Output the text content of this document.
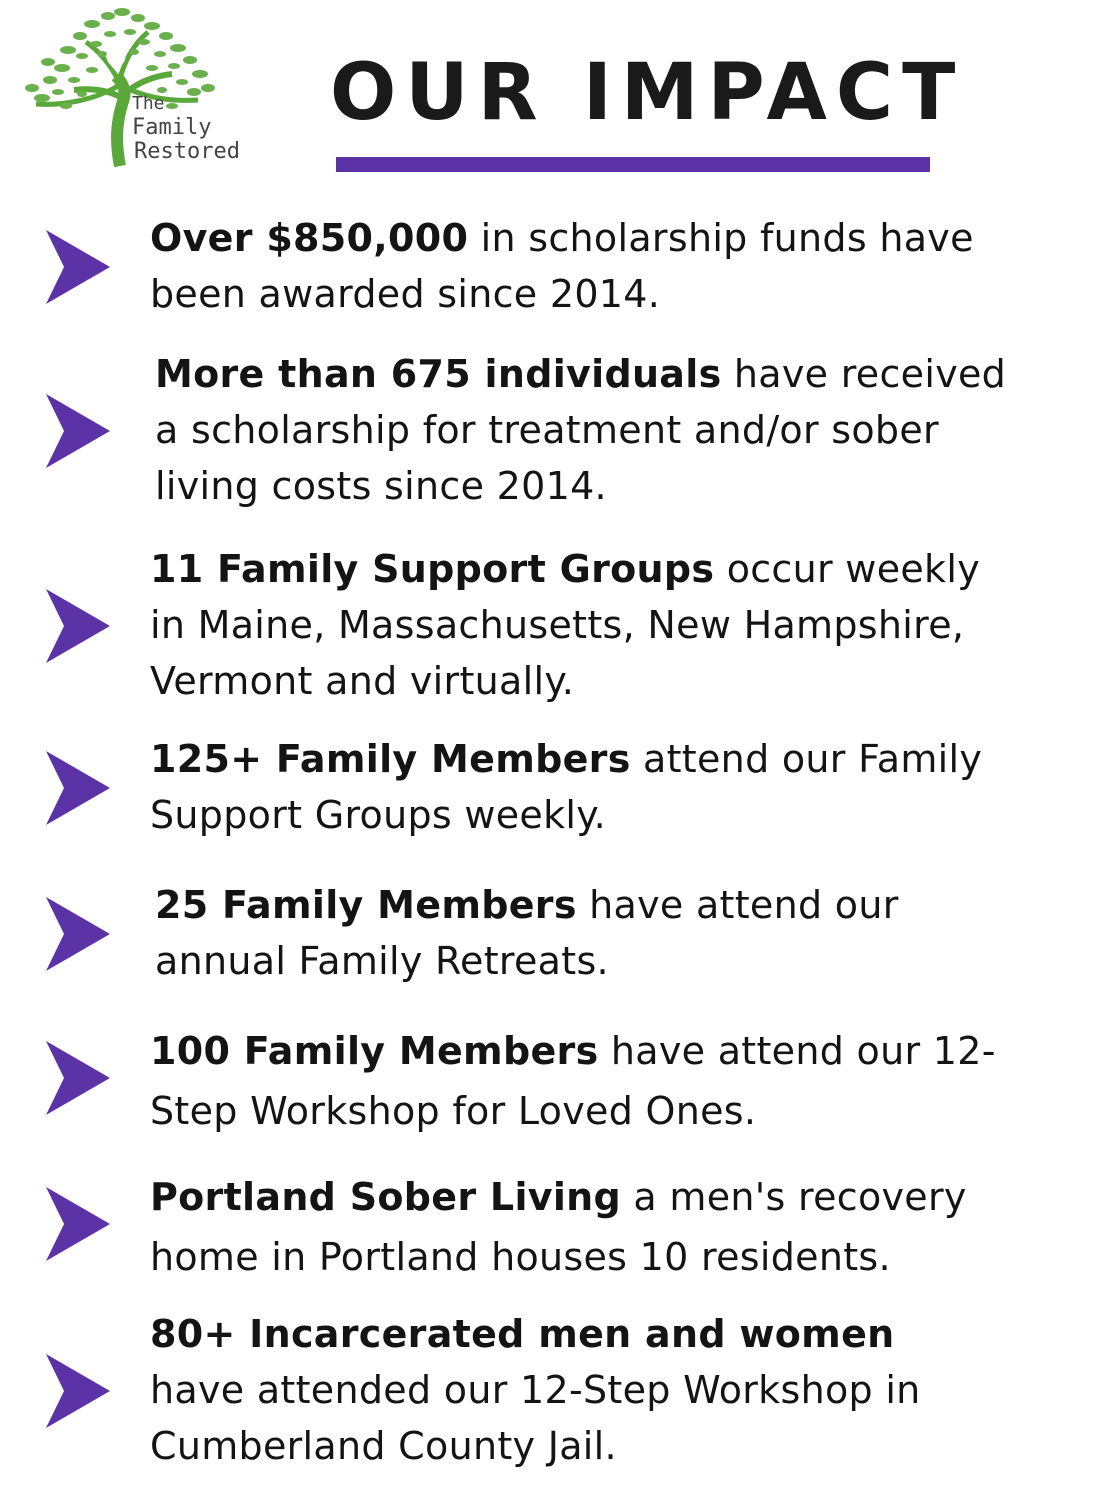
The
Family
Restored
OUR IMPACT
Over $850,000 in scholarship funds have
been awarded since 2014.
More than 675 individuals have received
a scholarship for treatment and/or sober
living costs since 2014.
11 Family Support Groups occur weekly
in Maine, Massachusetts, New Hampshire,
Vermont and virtually.
125+ Family Members attend our Family
Support Groups weekly.
25 Family Members have attend our
annual Family Retreats.
100 Family Members have attend our 12-
Step Workshop for Loved Ones.
Portland Sober Living a men's recovery
home in Portland houses 10 residents.
80+ Incarcerated men and women
have attended our 12-Step Workshop in
Cumberland County Jail.
